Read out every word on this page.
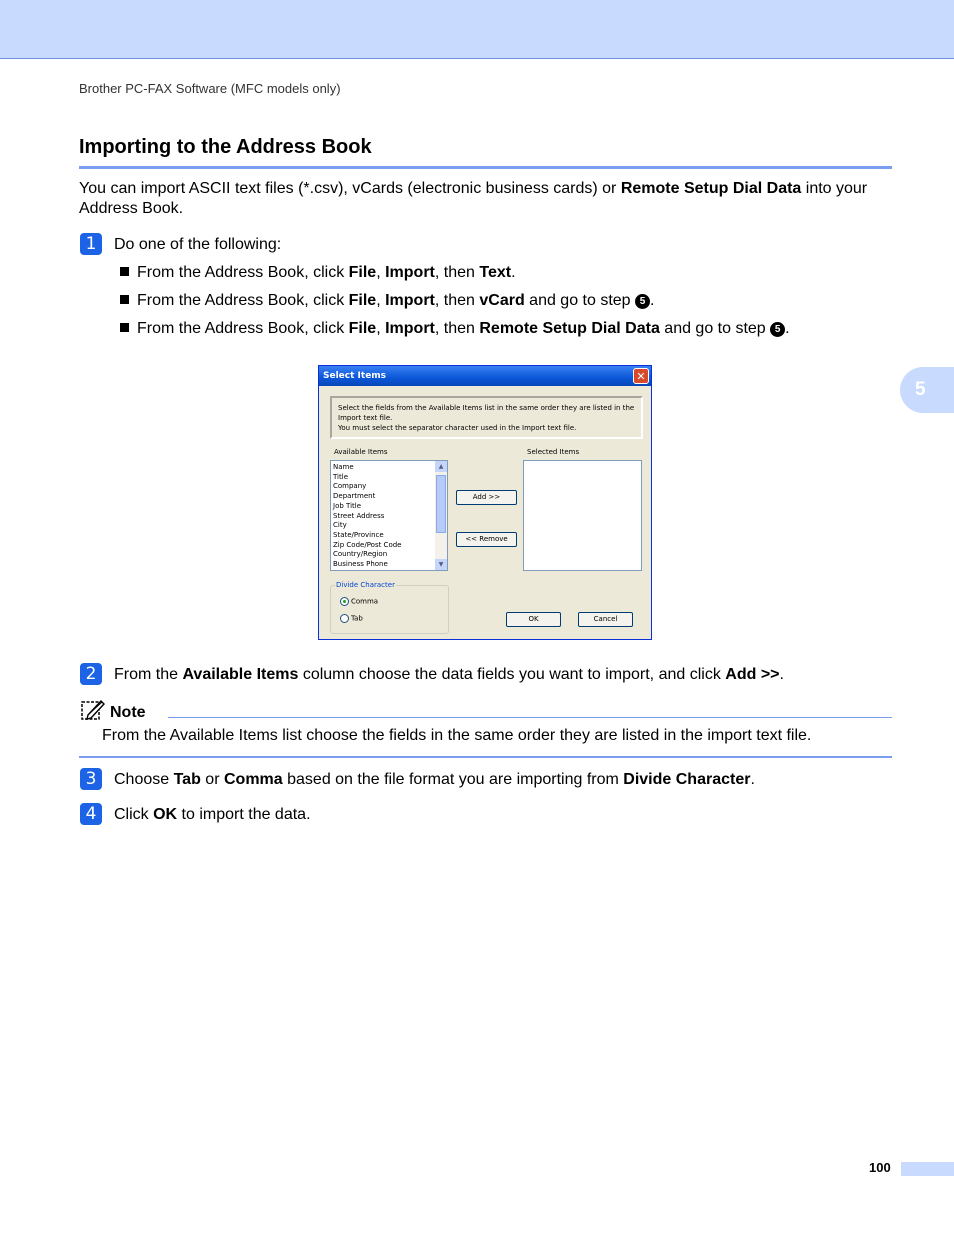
Brother PC-FAX Software (MFC models only)
Importing to the Address Book
You can import ASCII text files (*.csv), vCards (electronic business cards) or Remote Setup Dial Data into your Address Book.
1	Do one of the following:
From the Address Book, click File, Import, then Text.
From the Address Book, click File, Import, then vCard and go to step 5 .
From the Address Book, click File, Import, then Remote Setup Dial Data and go to step 5 .
Select Items	✕
Select the fields from the Available Items list in the same order they are listed in the
Import text file.
You must select the separator character used in the Import text file.
Available Items	Selected Items
Name
Title
Company
Department
Job Title
Street Address
City
State/Province
Zip Code/Post Code
Country/Region
Business Phone
▲
▼
Add >>
<< Remove
Divide Character
Comma
Tab	OK	Cancel
2	From the Available Items column choose the data fields you want to import, and click Add >>.
Note
From the Available Items list choose the fields in the same order they are listed in the import text file.
3	Choose Tab or Comma based on the file format you are importing from Divide Character.
4	Click OK to import the data.
5
100
